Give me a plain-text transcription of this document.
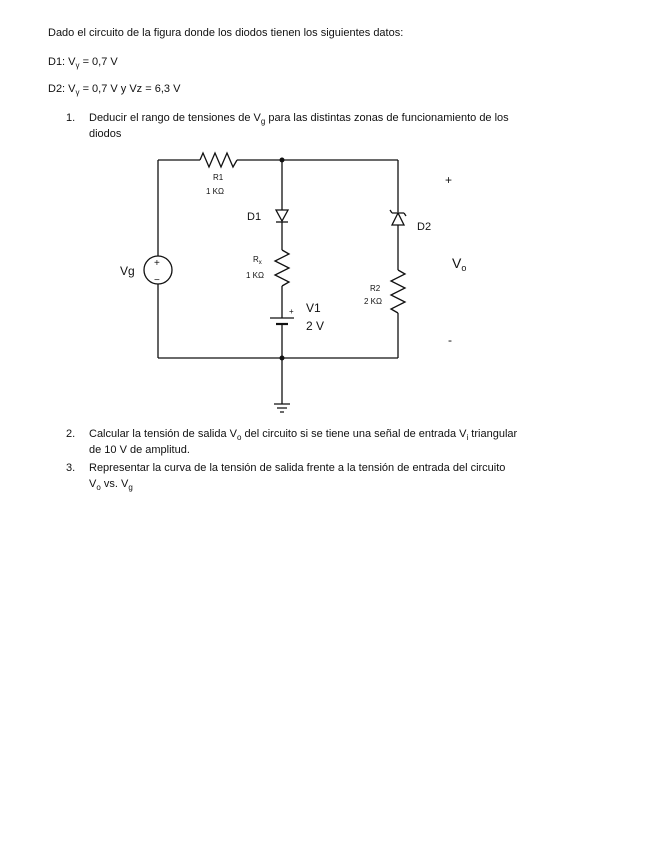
Dado el circuito de la figura donde los diodos tienen los siguientes datos:
D1: $V_\gamma = 0,7$ V
D2: $V_\gamma = 0,7$ V y Vz = 6,3 V
1. Deducir el rango de tensiones de $V_g$ para las distintas zonas de funcionamiento de los
diodos
R1
1 KΩ
D1
D2
$R_x$
1 KΩ
R2
2 KΩ
V1
2 V
+
Vg
+
−
+
-
$V_o$
2. Calcular la tensión de salida $V_o$ del circuito si se tiene una señal de entrada $V_i$ triangular
de 10 V de amplitud.
3. Representar la curva de la tensión de salida frente a la tensión de entrada del circuito
$V_o$ vs. $V_g$
